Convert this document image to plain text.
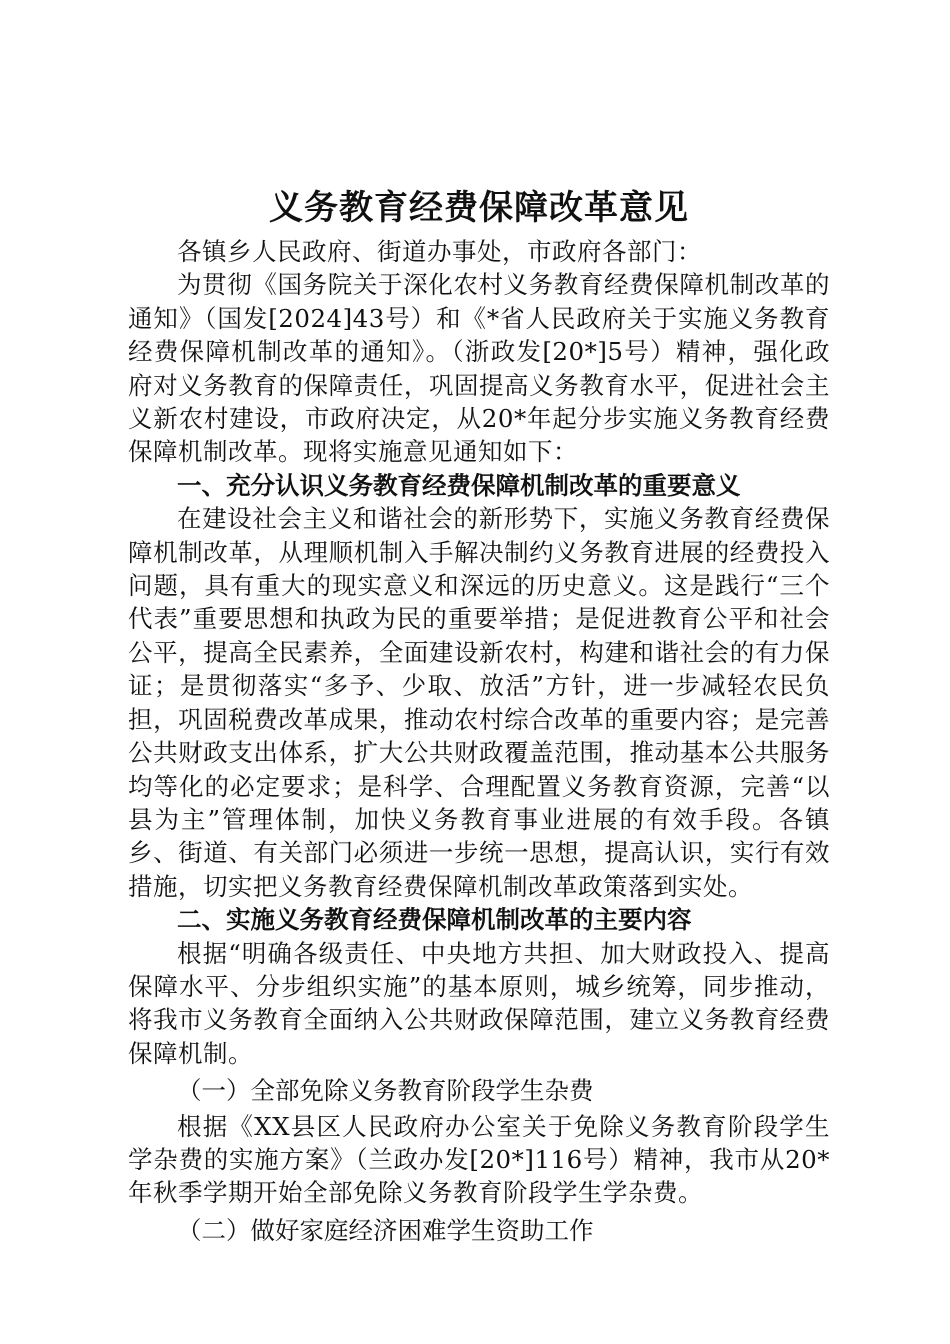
义务教育经费保障改革意见

各镇乡人民政府、街道办事处，市政府各部门：

为贯彻《国务院关于深化农村义务教育经费保障机制改革的通知》（国发[2024]43号）和《*省人民政府关于实施义务教育经费保障机制改革的通知》。（浙政发[20*]5号）精神，强化政府对义务教育的保障责任，巩固提高义务教育水平，促进社会主义新农村建设，市政府决定，从20*年起分步实施义务教育经费保障机制改革。现将实施意见通知如下：

一、充分认识义务教育经费保障机制改革的重要意义

在建设社会主义和谐社会的新形势下，实施义务教育经费保障机制改革，从理顺机制入手解决制约义务教育进展的经费投入问题，具有重大的现实意义和深远的历史意义。这是践行“三个代表”重要思想和执政为民的重要举措；是促进教育公平和社会公平，提高全民素养，全面建设新农村，构建和谐社会的有力保证；是贯彻落实“多予、少取、放活”方针，进一步减轻农民负担，巩固税费改革成果，推动农村综合改革的重要内容；是完善公共财政支出体系，扩大公共财政覆盖范围，推动基本公共服务均等化的必定要求；是科学、合理配置义务教育资源，完善“以县为主”管理体制，加快义务教育事业进展的有效手段。各镇乡、街道、有关部门必须进一步统一思想，提高认识，实行有效措施，切实把义务教育经费保障机制改革政策落到实处。

二、实施义务教育经费保障机制改革的主要内容

根据“明确各级责任、中央地方共担、加大财政投入、提高保障水平、分步组织实施”的基本原则，城乡统筹，同步推动，将我市义务教育全面纳入公共财政保障范围，建立义务教育经费保障机制。

（一）全部免除义务教育阶段学生杂费

根据《XX县区人民政府办公室关于免除义务教育阶段学生学杂费的实施方案》（兰政办发[20*]116号）精神，我市从20*年秋季学期开始全部免除义务教育阶段学生学杂费。

（二）做好家庭经济困难学生资助工作
